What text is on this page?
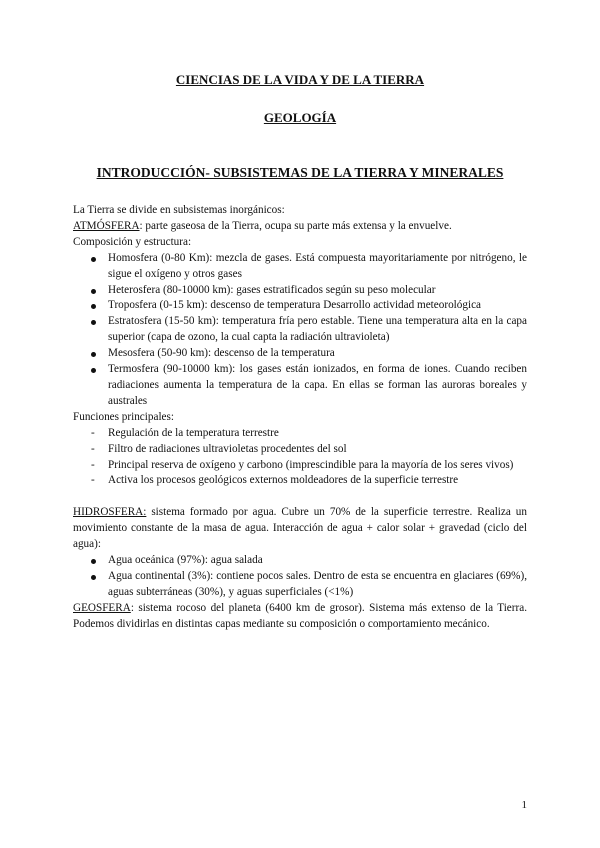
CIENCIAS DE LA VIDA Y DE LA TIERRA
GEOLOGÍA
INTRODUCCIÓN- SUBSISTEMAS DE LA TIERRA Y MINERALES

La Tierra se divide en subsistemas inorgánicos:

ATMÓSFERA: parte gaseosa de la Tierra, ocupa su parte más extensa y la envuelve.

Composición y estructura:

Homosfera (0-80 Km): mezcla de gases. Está compuesta mayoritariamente por nitrógeno, le sigue el oxígeno y otros gases
Heterosfera (80-10000 km): gases estratificados según su peso molecular
Troposfera (0-15 km): descenso de temperatura Desarrollo actividad meteorológica
Estratosfera (15-50 km): temperatura fría pero estable. Tiene una temperatura alta en la capa superior (capa de ozono, la cual capta la radiación ultravioleta)
Mesosfera (50-90 km): descenso de la temperatura
Termosfera (90-10000 km): los gases están ionizados, en forma de iones. Cuando reciben radiaciones aumenta la temperatura de la capa. En ellas se forman las auroras boreales y australes

Funciones principales:

- Regulación de la temperatura terrestre
- Filtro de radiaciones ultravioletas procedentes del sol
- Principal reserva de oxígeno y carbono (imprescindible para la mayoría de los seres vivos)
- Activa los procesos geológicos externos moldeadores de la superficie terrestre

HIDROSFERA: sistema formado por agua. Cubre un 70% de la superficie terrestre. Realiza un movimiento constante de la masa de agua. Interacción de agua + calor solar + gravedad (ciclo del agua):

Agua oceánica (97%): agua salada
Agua continental (3%): contiene pocos sales. Dentro de esta se encuentra en glaciares (69%), aguas subterráneas (30%), y aguas superficiales (<1%)

GEOSFERA: sistema rocoso del planeta (6400 km de grosor). Sistema más extenso de la Tierra. Podemos dividirlas en distintas capas mediante su composición o comportamiento mecánico.

1
